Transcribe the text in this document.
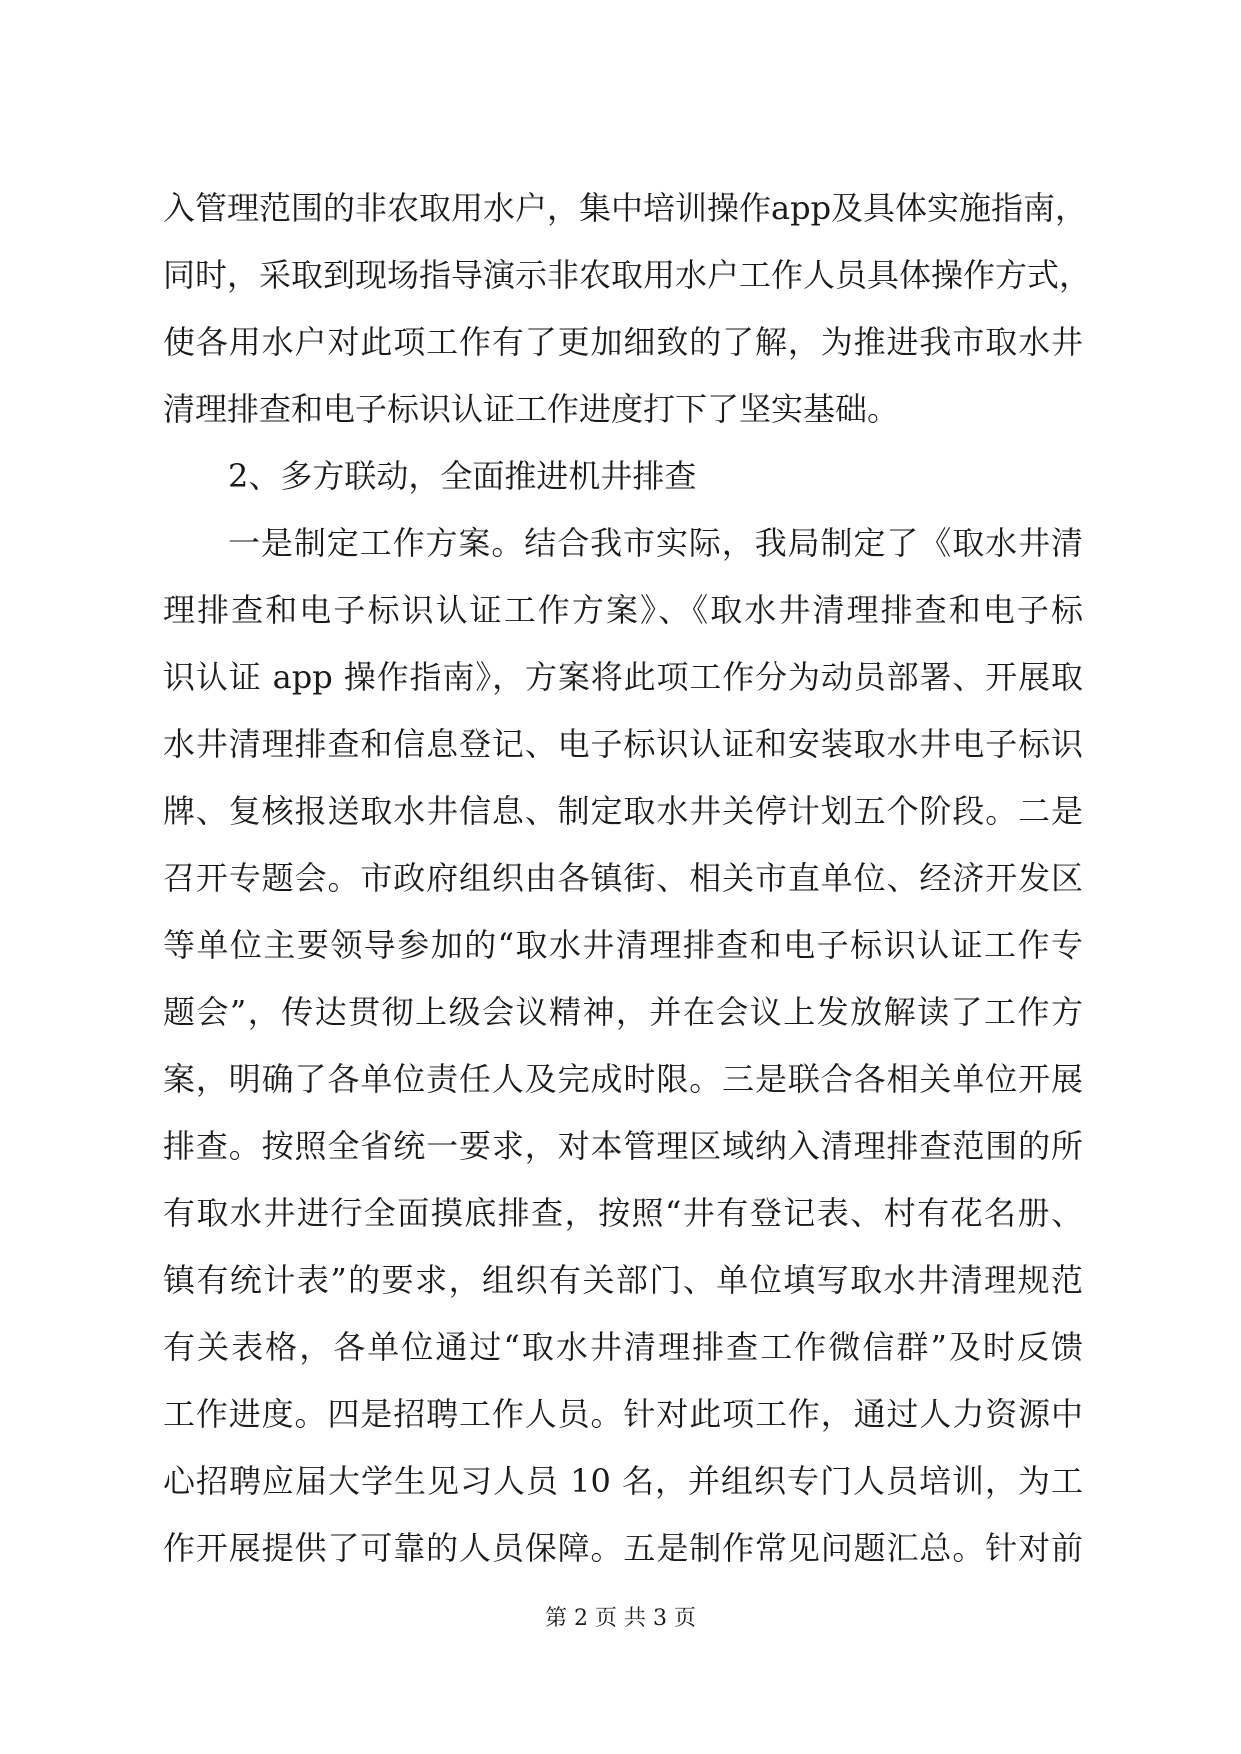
入管理范围的非农取用水户，集中培训操作app及具体实施指南，
同时，采取到现场指导演示非农取用水户工作人员具体操作方式，
使各用水户对此项工作有了更加细致的了解，为推进我市取水井
清理排查和电子标识认证工作进度打下了坚实基础。
2、多方联动，全面推进机井排查
一是制定工作方案。结合我市实际，我局制定了《取水井清
理排查和电子标识认证工作方案》、《取水井清理排查和电子标
识认证 app 操作指南》，方案将此项工作分为动员部署、开展取
水井清理排查和信息登记、电子标识认证和安装取水井电子标识
牌、复核报送取水井信息、制定取水井关停计划五个阶段。二是
召开专题会。市政府组织由各镇街、相关市直单位、经济开发区
等单位主要领导参加的“取水井清理排查和电子标识认证工作专
题会”，传达贯彻上级会议精神，并在会议上发放解读了工作方
案，明确了各单位责任人及完成时限。三是联合各相关单位开展
排查。按照全省统一要求，对本管理区域纳入清理排查范围的所
有取水井进行全面摸底排查，按照“井有登记表、村有花名册、
镇有统计表”的要求，组织有关部门、单位填写取水井清理规范
有关表格，各单位通过“取水井清理排查工作微信群”及时反馈
工作进度。四是招聘工作人员。针对此项工作，通过人力资源中
心招聘应届大学生见习人员 10 名，并组织专门人员培训，为工
作开展提供了可靠的人员保障。五是制作常见问题汇总。针对前
第 2 页 共 3 页
